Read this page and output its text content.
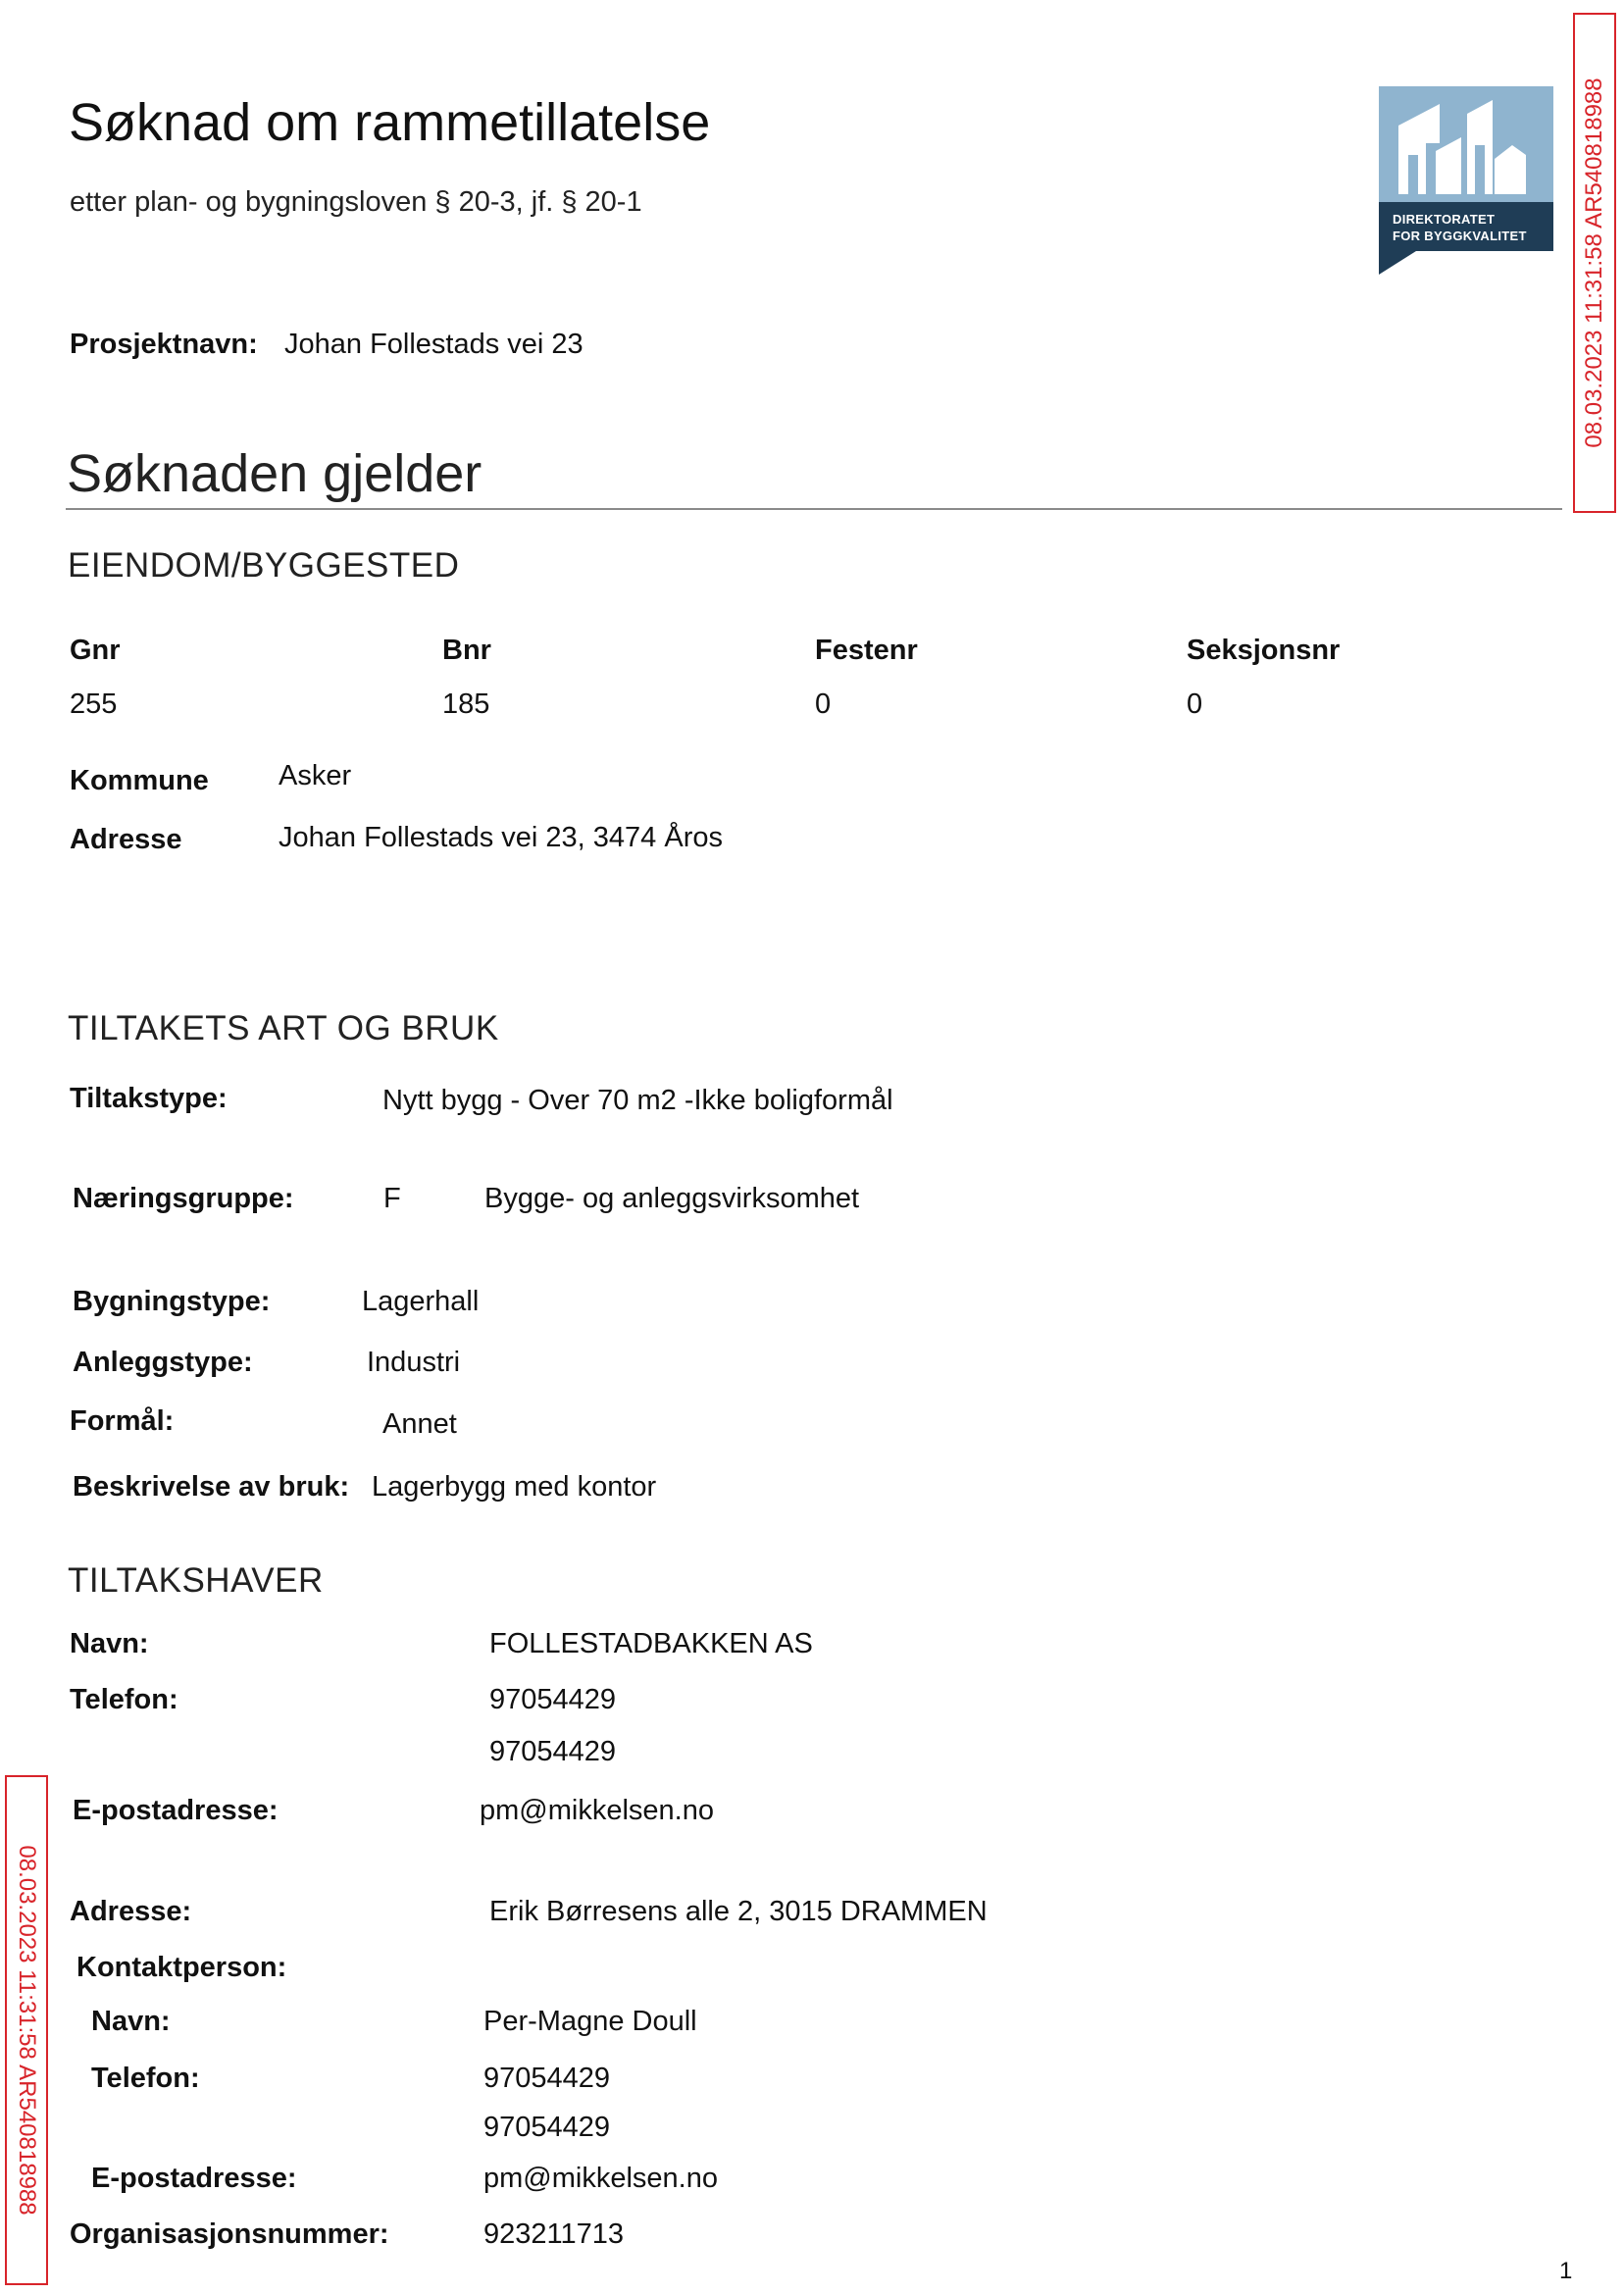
Søknad om rammetillatelse
etter plan- og bygningsloven § 20-3, jf. § 20-1
DIREKTORATET
FOR BYGGKVALITET 08.03.2023 11:31:58 AR540818988
08.03.2023 11:31:58 AR540818988
Prosjektnavn: Johan Follestads vei 23
Søknaden gjelder
EIENDOM/BYGGESTED
Gnr	Bnr	Festenr	Seksjonsnr
255	185	0	0
Kommune Asker
Adresse	Johan Follestads vei 23, 3474 Åros
TILTAKETS ART OG BRUK
Tiltakstype:	Nytt bygg - Over 70 m2 -Ikke boligformål
Næringsgruppe:	F	Bygge- og anleggsvirksomhet
Bygningstype:	Lagerhall
Anleggstype:	Industri
Formål:	Annet
Beskrivelse av bruk: Lagerbygg med kontor
TILTAKSHAVER
Navn:	FOLLESTADBAKKEN AS
Telefon:	97054429
97054429
E-postadresse:	pm@mikkelsen.no
Adresse:	Erik Børresens alle 2, 3015 DRAMMEN
Kontaktperson:
Navn:	Per-Magne Doull
Telefon:	97054429
97054429
E-postadresse:	pm@mikkelsen.no
Organisasjonsnummer:	923211713
1
